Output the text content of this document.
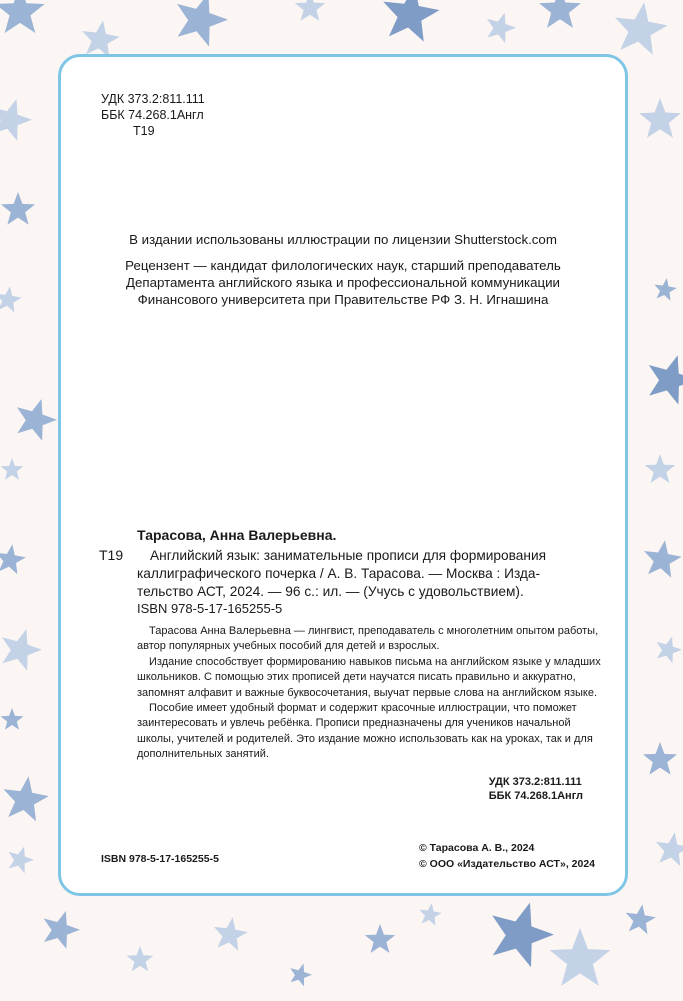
УДК 373.2:811.111
ББК 74.268.1Англ
Т19
В издании использованы иллюстрации по лицензии Shutterstock.com
Рецензент — кандидат филологических наук, старший преподаватель
Департамента английского языка и профессиональной коммуникации
Финансового университета при Правительстве РФ З. Н. Игнашина
Тарасова, Анна Валерьевна.
Т19	Английский язык: занимательные прописи для формирования
каллиграфического почерка / А. В. Тарасова. — Москва : Изда-
тельство АСТ, 2024. — 96 с.: ил. — (Учусь с удовольствием).
ISBN 978-5-17-165255-5

Тарасова Анна Валерьевна — лингвист, преподаватель с многолетним опытом работы, автор популярных учебных пособий для детей и взрослых.

Издание способствует формированию навыков письма на английском языке у младших школьников. С помощью этих прописей дети научатся писать правильно и аккуратно, запомнят алфавит и важные буквосочетания, выучат первые слова на английском языке.

Пособие имеет удобный формат и содержит красочные иллюстрации, что поможет заинтересовать и увлечь ребёнка. Прописи предназначены для учеников начальной школы, учителей и родителей. Это издание можно использовать как на уроках, так и для дополнительных занятий.

УДК 373.2:811.111
ББК 74.268.1Англ
© Тарасова А. В., 2024
© ООО «Издательство АСТ», 2024
ISBN 978-5-17-165255-5
